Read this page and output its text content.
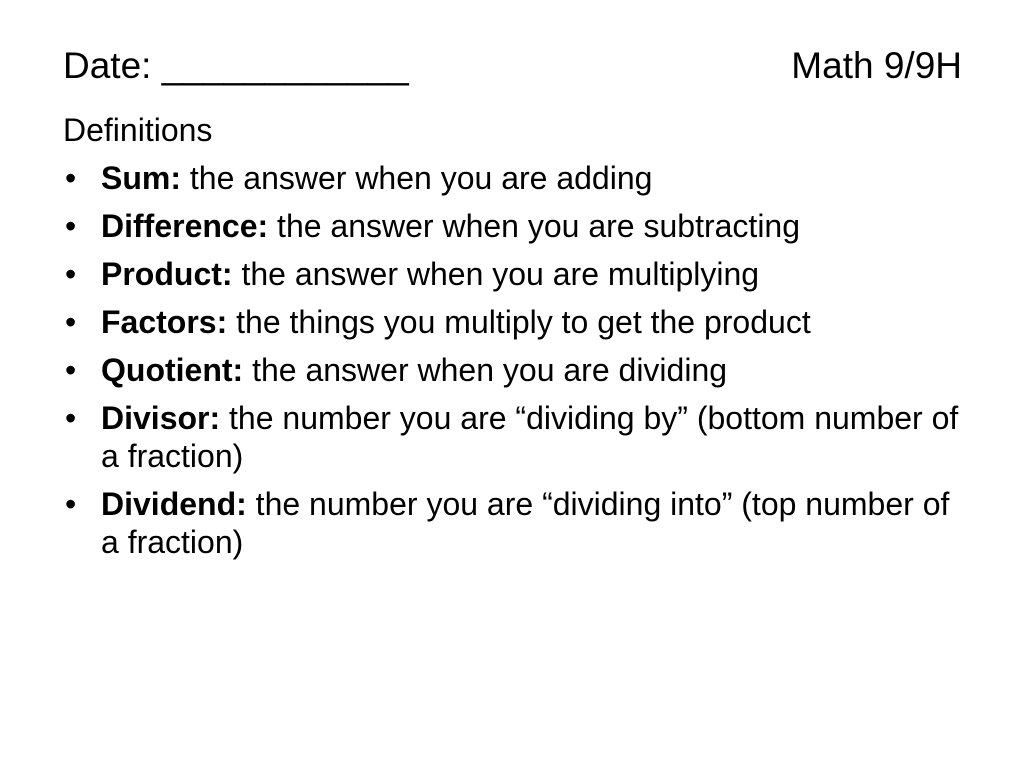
Date: ____________	Math 9/9H
Definitions
• Sum: the answer when you are adding
• Difference: the answer when you are subtracting
• Product: the answer when you are multiplying
• Factors: the things you multiply to get the product
• Quotient: the answer when you are dividing
• Divisor: the number you are “dividing by” (bottom number of a fraction)
• Dividend: the number you are “dividing into” (top number of a fraction)
